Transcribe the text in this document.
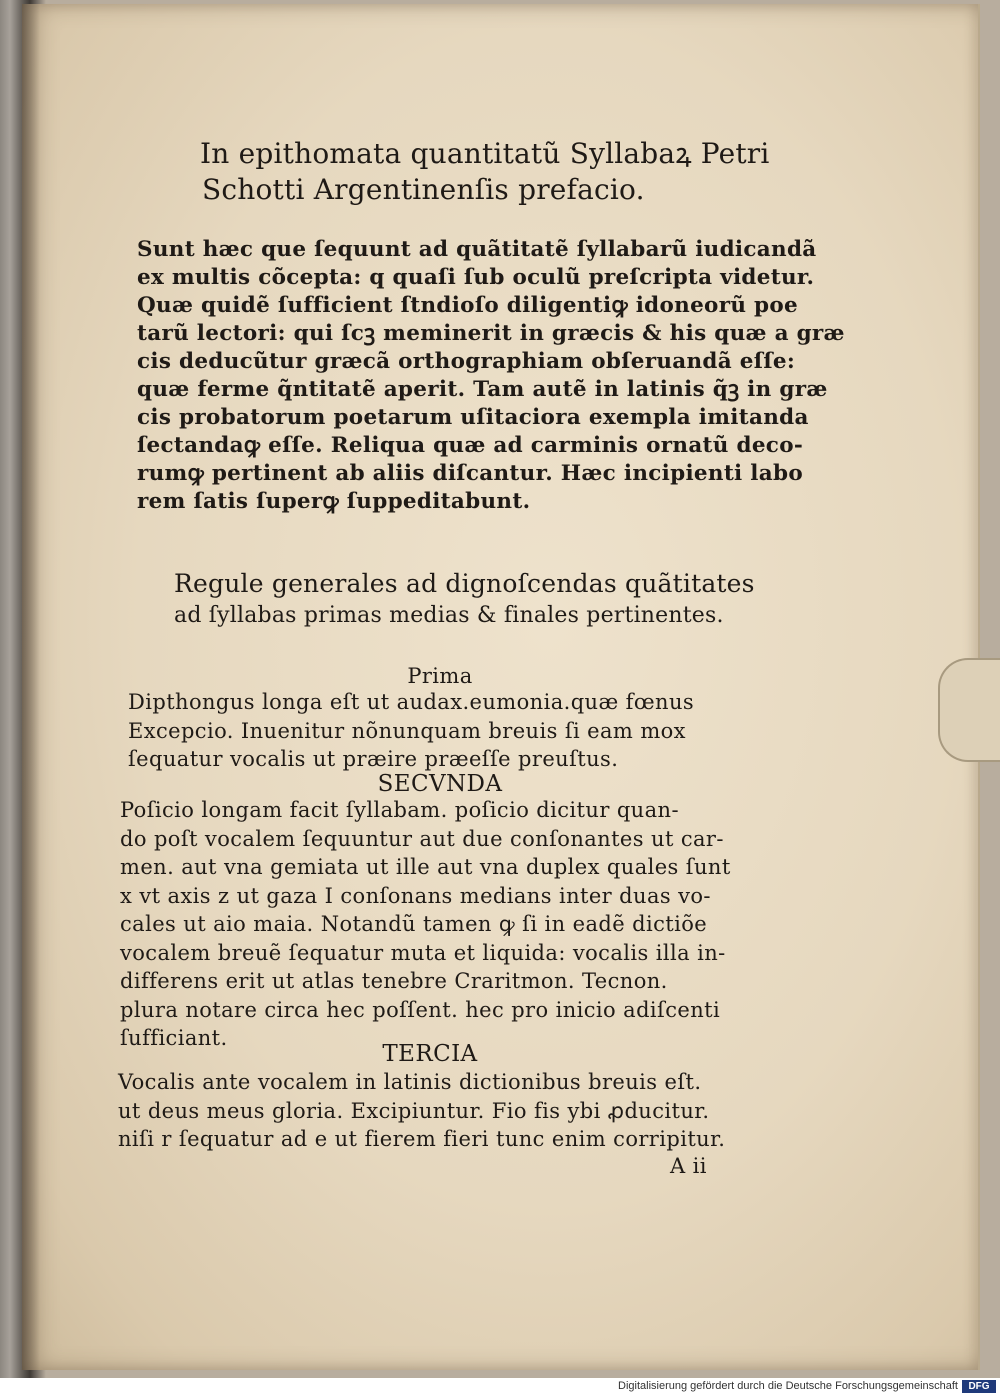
In epithomata quantitatũ Syllabaꝝ Petri
Schotti Argentinenſis prefacio.
Sunt hæc que ſequunt ad quãtitatẽ ſyllabarũ iudicandã
ex multis cõcepta: q quaſi ſub oculũ preſcripta videtur.
Quæ quidẽ ſufficient ſtndioſo diligentiꝙ idoneorũ poe
tarũ lectori: qui ſcꝫ meminerit in græcis & his quæ a græ
cis deducũtur græcã orthographiam obſeruandã eſſe:
quæ ferme q̃ntitatẽ aperit. Tam autẽ in latinis q̃ꝫ in græ
cis probatorum poetarum uſitaciora exempla imitanda
ſectandaꝙ eſſe. Reliqua quæ ad carminis ornatũ deco-
rumꝙ pertinent ab aliis diſcantur. Hæc incipienti labo
rem ſatis ſuperꝙ ſuppeditabunt.
Regule generales ad dignoſcendas quãtitates
ad ſyllabas primas medias & finales pertinentes.
Prima
Dipthongus longa eſt ut audax.eumonia.quæ fœnus
Excepcio. Inuenitur nõnunquam breuis ſi eam mox
ſequatur vocalis ut præire præeſſe preuſtus.
SECVNDA
Poſicio longam facit ſyllabam. poſicio dicitur quan-
do poſt vocalem ſequuntur aut due conſonantes ut car-
men. aut vna gemiata ut ille aut vna duplex quales ſunt
x vt axis z ut gaza I conſonans medians inter duas vo-
cales ut aio maia. Notandũ tamen ꝙ ſi in eadẽ dictiõe
vocalem breuẽ ſequatur muta et liquida: vocalis illa in-
differens erit ut atlas tenebre Craritmon. Tecnon.
plura notare circa hec poſſent. hec pro inicio adiſcenti
ſufficiant.
TERCIA
Vocalis ante vocalem in latinis dictionibus breuis eſt.
ut deus meus gloria. Excipiuntur. Fio fis ybi ꝓducitur.
niſi r ſequatur ad e ut fierem fieri tunc enim corripitur.
A ii
Digitalisierung gefördert durch die Deutsche Forschungsgemeinschaft	DFG
